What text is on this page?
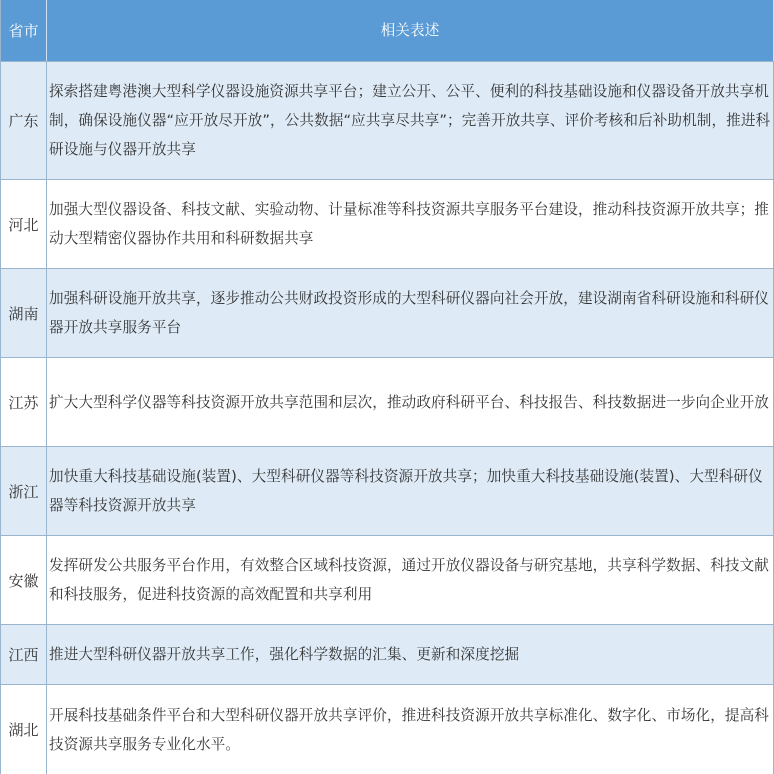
省市	相关表述
广东
探索搭建粤港澳大型科学仪器设施资源共享平台；建立公开、公平、便利的科技基础设施和仪器设备开放共享机制，确保设施仪器“应开放尽开放”，公共数据“应共享尽共享”；完善开放共享、评价考核和后补助机制，推进科研设施与仪器开放共享
河北
加强大型仪器设备、科技文献、实验动物、计量标准等科技资源共享服务平台建设，推动科技资源开放共享；推动大型精密仪器协作共用和科研数据共享
湖南
加强科研设施开放共享，逐步推动公共财政投资形成的大型科研仪器向社会开放，建设湖南省科研设施和科研仪器开放共享服务平台
江苏 扩大大型科学仪器等科技资源开放共享范围和层次，推动政府科研平台、科技报告、科技数据进一步向企业开放
浙江
加快重大科技基础设施(装置)、大型科研仪器等科技资源开放共享；加快重大科技基础设施(装置)、大型科研仪器等科技资源开放共享
安徽
发挥研发公共服务平台作用，有效整合区域科技资源，通过开放仪器设备与研究基地，共享科学数据、科技文献和科技服务，促进科技资源的高效配置和共享利用
江西 推进大型科研仪器开放共享工作，强化科学数据的汇集、更新和深度挖掘
湖北
开展科技基础条件平台和大型科研仪器开放共享评价，推进科技资源开放共享标准化、数字化、市场化，提高科技资源共享服务专业化水平。
